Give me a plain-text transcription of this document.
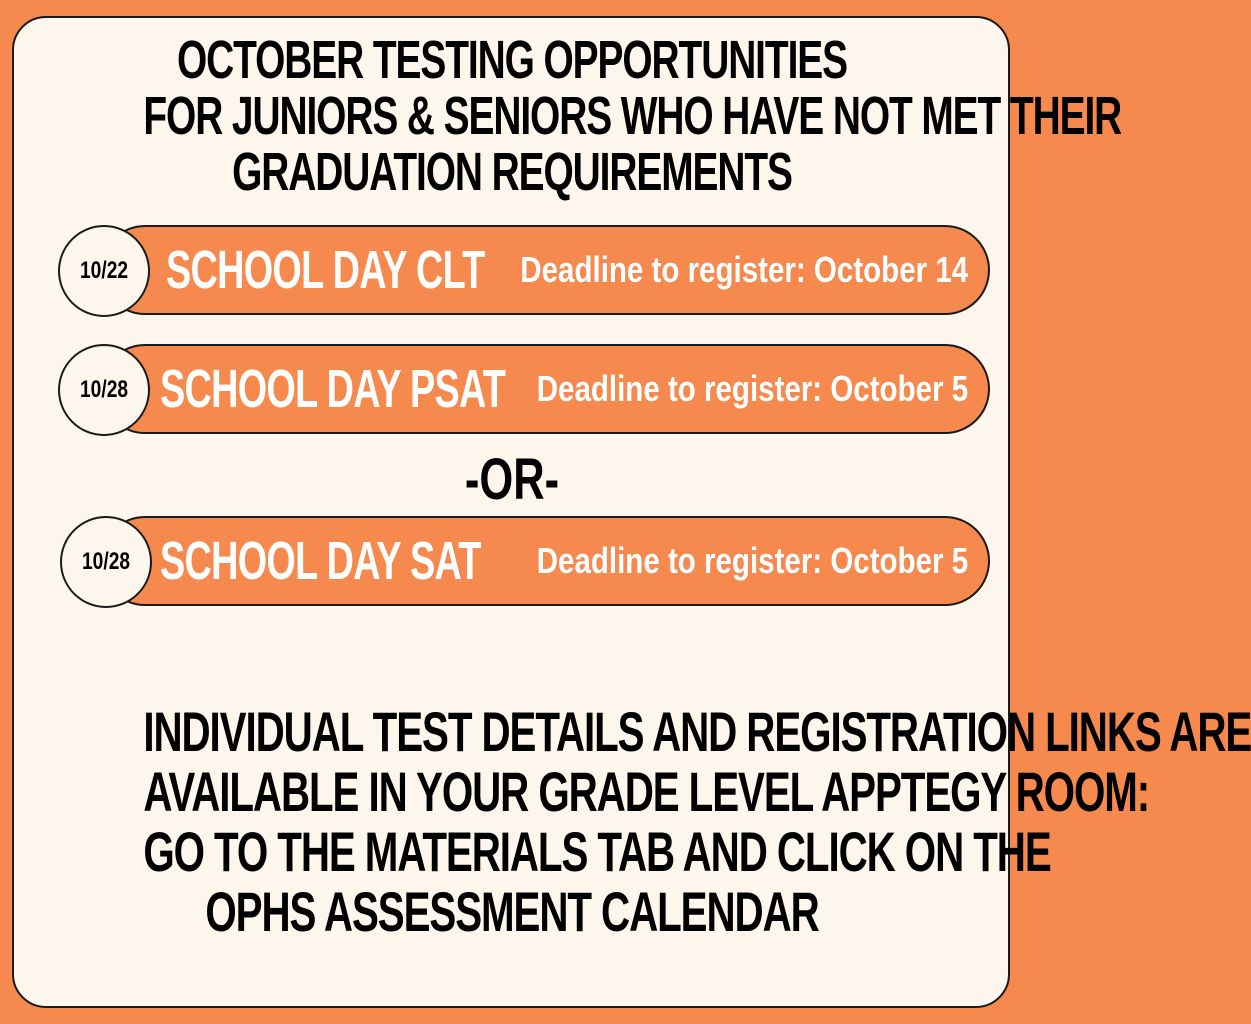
OCTOBER TESTING OPPORTUNITIES
FOR JUNIORS & SENIORS WHO HAVE NOT MET THEIR
GRADUATION REQUIREMENTS
SCHOOL DAY CLT Deadline to register: October 14
10/22
SCHOOL DAY PSAT Deadline to register: October 5
10/28
-OR-
SCHOOL DAY SAT Deadline to register: October 5
10/28
INDIVIDUAL TEST DETAILS AND REGISTRATION LINKS ARE
AVAILABLE IN YOUR GRADE LEVEL APPTEGY ROOM:
GO TO THE MATERIALS TAB AND CLICK ON THE
OPHS ASSESSMENT CALENDAR
